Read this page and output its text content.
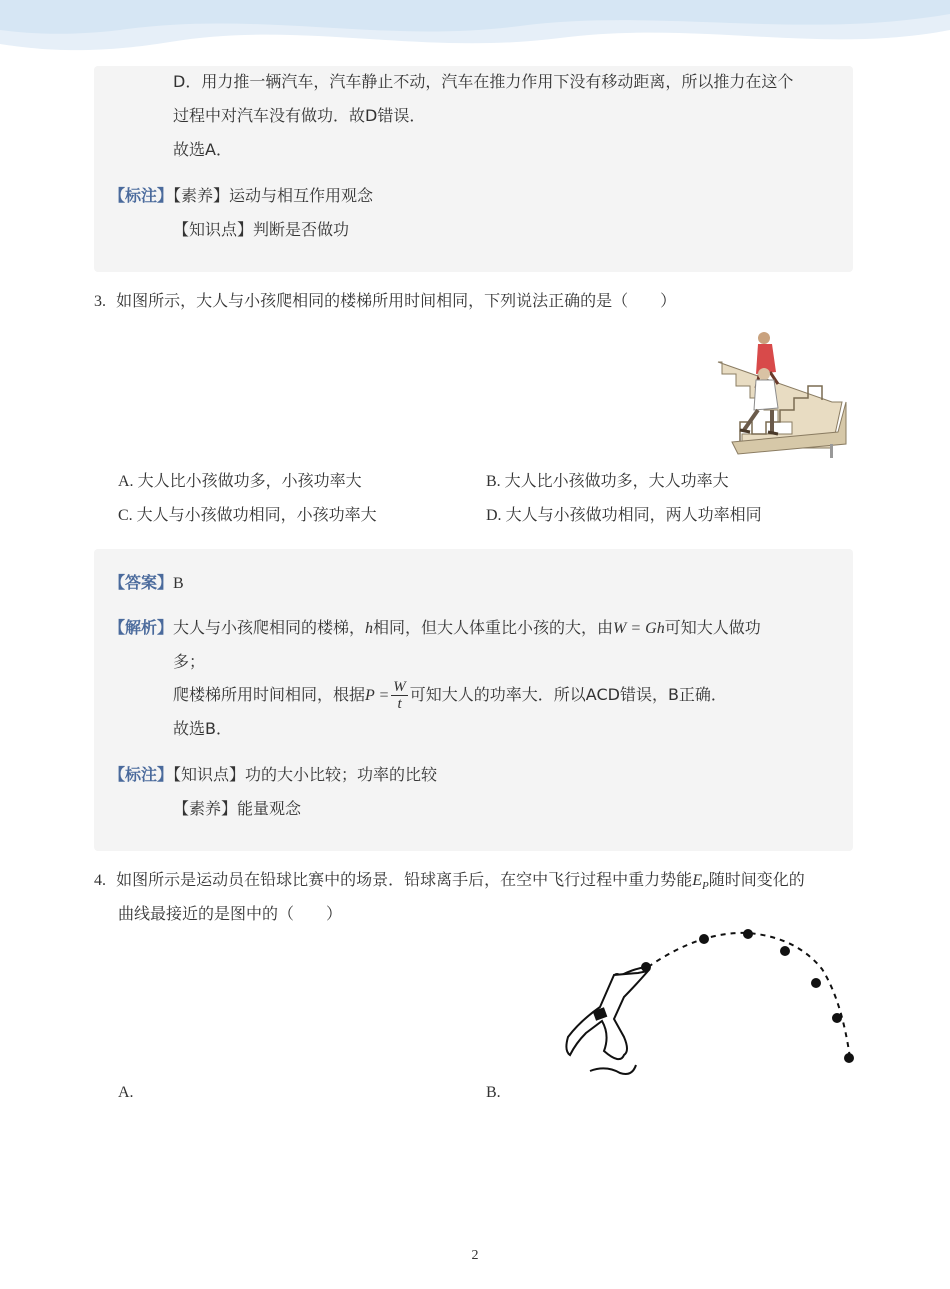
D．用力推一辆汽车，汽车静止不动，汽车在推力作用下没有移动距离，所以推力在这个
过程中对汽车没有做功．故D错误．
故选A．
【标注】【素养】运动与相互作用观念
【知识点】判断是否做功
3. 如图所示，大人与小孩爬相同的楼梯所用时间相同，下列说法正确的是（　　）
A. 大人比小孩做功多，小孩功率大	B. 大人比小孩做功多，大人功率大
C. 大人与小孩做功相同，小孩功率大	D. 大人与小孩做功相同，两人功率相同
【答案】B
【解析】大人与小孩爬相同的楼梯，h相同，但大人体重比小孩的大，由W = Gh可知大人做功
多；
爬楼梯所用时间相同，根据$P = \frac{W}{t}$ 可知大人的功率大．所以ACD错误，B正确．
故选B．
【标注】【知识点】功的大小比较；功率的比较
【素养】能量观念
4. 如图所示是运动员在铅球比赛中的场景．铅球离手后，在空中飞行过程中重力势能$E_P$随时间变化的
曲线最接近的是图中的（　　）
A.	B.
2
